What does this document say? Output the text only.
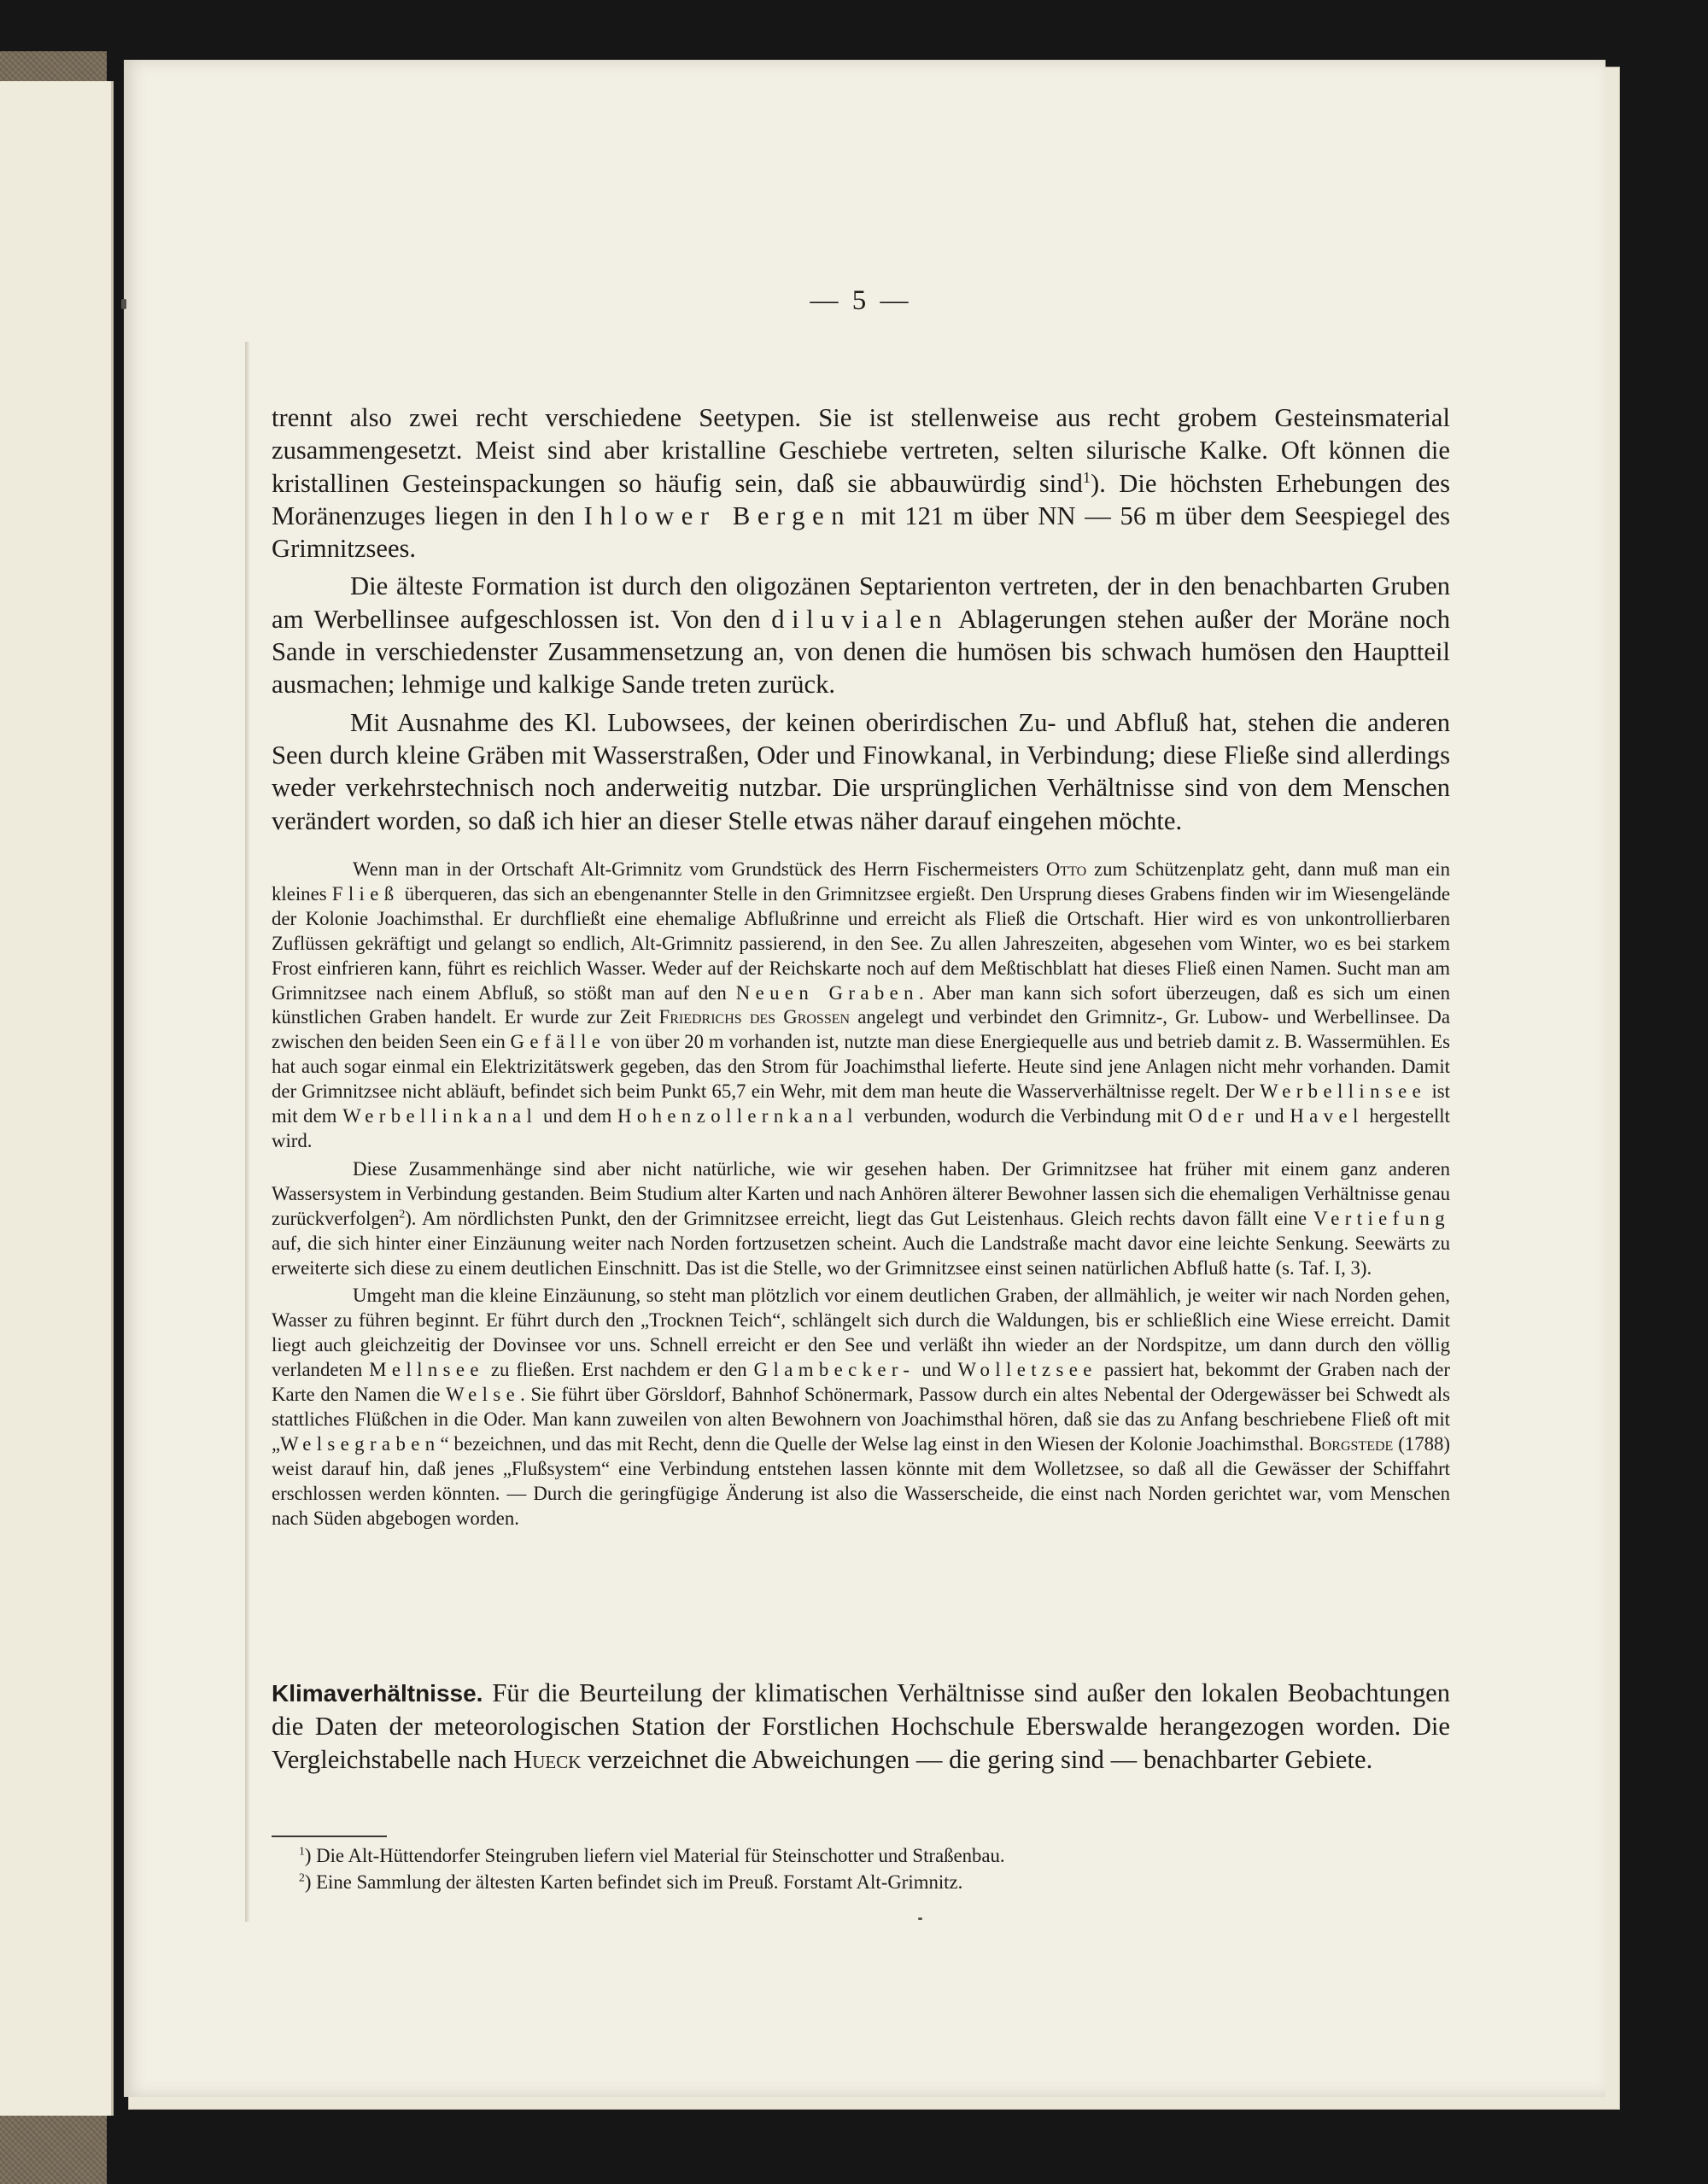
— 5 —

trennt also zwei recht verschiedene Seetypen. Sie ist stellenweise aus recht grobem Gesteinsmaterial zusammengesetzt. Meist sind aber kristalline Geschiebe vertreten, selten silurische Kalke. Oft können die kristallinen Gesteinspackungen so häufig sein, daß sie abbauwürdig sind$^1$). Die höchsten Erhebungen des Moränenzuges liegen in den Ihlower Bergen mit 121 m über NN — 56 m über dem Seespiegel des Grimnitzsees.

Die älteste Formation ist durch den oligozänen Septarienton vertreten, der in den benachbarten Gruben am Werbellinsee aufgeschlossen ist. Von den diluvialen Ablagerungen stehen außer der Moräne noch Sande in verschiedenster Zusammensetzung an, von denen die humösen bis schwach humösen den Hauptteil ausmachen; lehmige und kalkige Sande treten zurück.

Mit Ausnahme des Kl. Lubowsees, der keinen oberirdischen Zu- und Abfluß hat, stehen die anderen Seen durch kleine Gräben mit Wasserstraßen, Oder und Finowkanal, in Verbindung; diese Fließe sind allerdings weder verkehrstechnisch noch anderweitig nutzbar. Die ursprünglichen Verhältnisse sind von dem Menschen verändert worden, so daß ich hier an dieser Stelle etwas näher darauf eingehen möchte.

Wenn man in der Ortschaft Alt-Grimnitz vom Grundstück des Herrn Fischermeisters Otto zum Schützenplatz geht, dann muß man ein kleines Fließ überqueren, das sich an ebengenannter Stelle in den Grimnitzsee ergießt. Den Ursprung dieses Grabens finden wir im Wiesengelände der Kolonie Joachimsthal. Er durchfließt eine ehemalige Abflußrinne und erreicht als Fließ die Ortschaft. Hier wird es von unkontrollierbaren Zuflüssen gekräftigt und gelangt so endlich, Alt-Grimnitz passierend, in den See. Zu allen Jahreszeiten, abgesehen vom Winter, wo es bei starkem Frost einfrieren kann, führt es reichlich Wasser. Weder auf der Reichskarte noch auf dem Meßtischblatt hat dieses Fließ einen Namen. Sucht man am Grimnitzsee nach einem Abfluß, so stößt man auf den Neuen Graben. Aber man kann sich sofort überzeugen, daß es sich um einen künstlichen Graben handelt. Er wurde zur Zeit Friedrichs des Grossen angelegt und verbindet den Grimnitz-, Gr. Lubow- und Werbellinsee. Da zwischen den beiden Seen ein Gefälle von über 20 m vorhanden ist, nutzte man diese Energiequelle aus und betrieb damit z. B. Wassermühlen. Es hat auch sogar einmal ein Elektrizitätswerk gegeben, das den Strom für Joachimsthal lieferte. Heute sind jene Anlagen nicht mehr vorhanden. Damit der Grimnitzsee nicht abläuft, befindet sich beim Punkt 65,7 ein Wehr, mit dem man heute die Wasserverhältnisse regelt. Der Werbellinsee ist mit dem Werbellinkanal und dem Hohenzollernkanal verbunden, wodurch die Verbindung mit Oder und Havel hergestellt wird.

Diese Zusammenhänge sind aber nicht natürliche, wie wir gesehen haben. Der Grimnitzsee hat früher mit einem ganz anderen Wassersystem in Verbindung gestanden. Beim Studium alter Karten und nach Anhören älterer Bewohner lassen sich die ehemaligen Verhältnisse genau zurückverfolgen$^2$). Am nördlichsten Punkt, den der Grimnitzsee erreicht, liegt das Gut Leistenhaus. Gleich rechts davon fällt eine Vertiefung auf, die sich hinter einer Einzäunung weiter nach Norden fortzusetzen scheint. Auch die Landstraße macht davor eine leichte Senkung. Seewärts zu erweiterte sich diese zu einem deutlichen Einschnitt. Das ist die Stelle, wo der Grimnitzsee einst seinen natürlichen Abfluß hatte (s. Taf. I, 3).

Umgeht man die kleine Einzäunung, so steht man plötzlich vor einem deutlichen Graben, der allmählich, je weiter wir nach Norden gehen, Wasser zu führen beginnt. Er führt durch den „Trocknen Teich“, schlängelt sich durch die Waldungen, bis er schließlich eine Wiese erreicht. Damit liegt auch gleichzeitig der Dovinsee vor uns. Schnell erreicht er den See und verläßt ihn wieder an der Nordspitze, um dann durch den völlig verlandeten Mellnsee zu fließen. Erst nachdem er den Glambecker- und Wolletzsee passiert hat, bekommt der Graben nach der Karte den Namen die Welse. Sie führt über Görsldorf, Bahnhof Schönermark, Passow durch ein altes Nebental der Odergewässer bei Schwedt als stattliches Flüßchen in die Oder. Man kann zuweilen von alten Bewohnern von Joachimsthal hören, daß sie das zu Anfang beschriebene Fließ oft mit „Welsegraben“ bezeichnen, und das mit Recht, denn die Quelle der Welse lag einst in den Wiesen der Kolonie Joachimsthal. Borgstede (1788) weist darauf hin, daß jenes „Flußsystem“ eine Verbindung entstehen lassen könnte mit dem Wolletzsee, so daß all die Gewässer der Schiffahrt erschlossen werden könnten. — Durch die geringfügige Änderung ist also die Wasserscheide, die einst nach Norden gerichtet war, vom Menschen nach Süden abgebogen worden.

Klimaverhältnisse. Für die Beurteilung der klimatischen Verhältnisse sind außer den lokalen Beobachtungen die Daten der meteorologischen Station der Forstlichen Hochschule Eberswalde herangezogen worden. Die Vergleichstabelle nach Hueck verzeichnet die Abweichungen — die gering sind — benachbarter Gebiete.

$^1$) Die Alt-Hüttendorfer Steingruben liefern viel Material für Steinschotter und Straßenbau.

$^2$) Eine Sammlung der ältesten Karten befindet sich im Preuß. Forstamt Alt-Grimnitz.
